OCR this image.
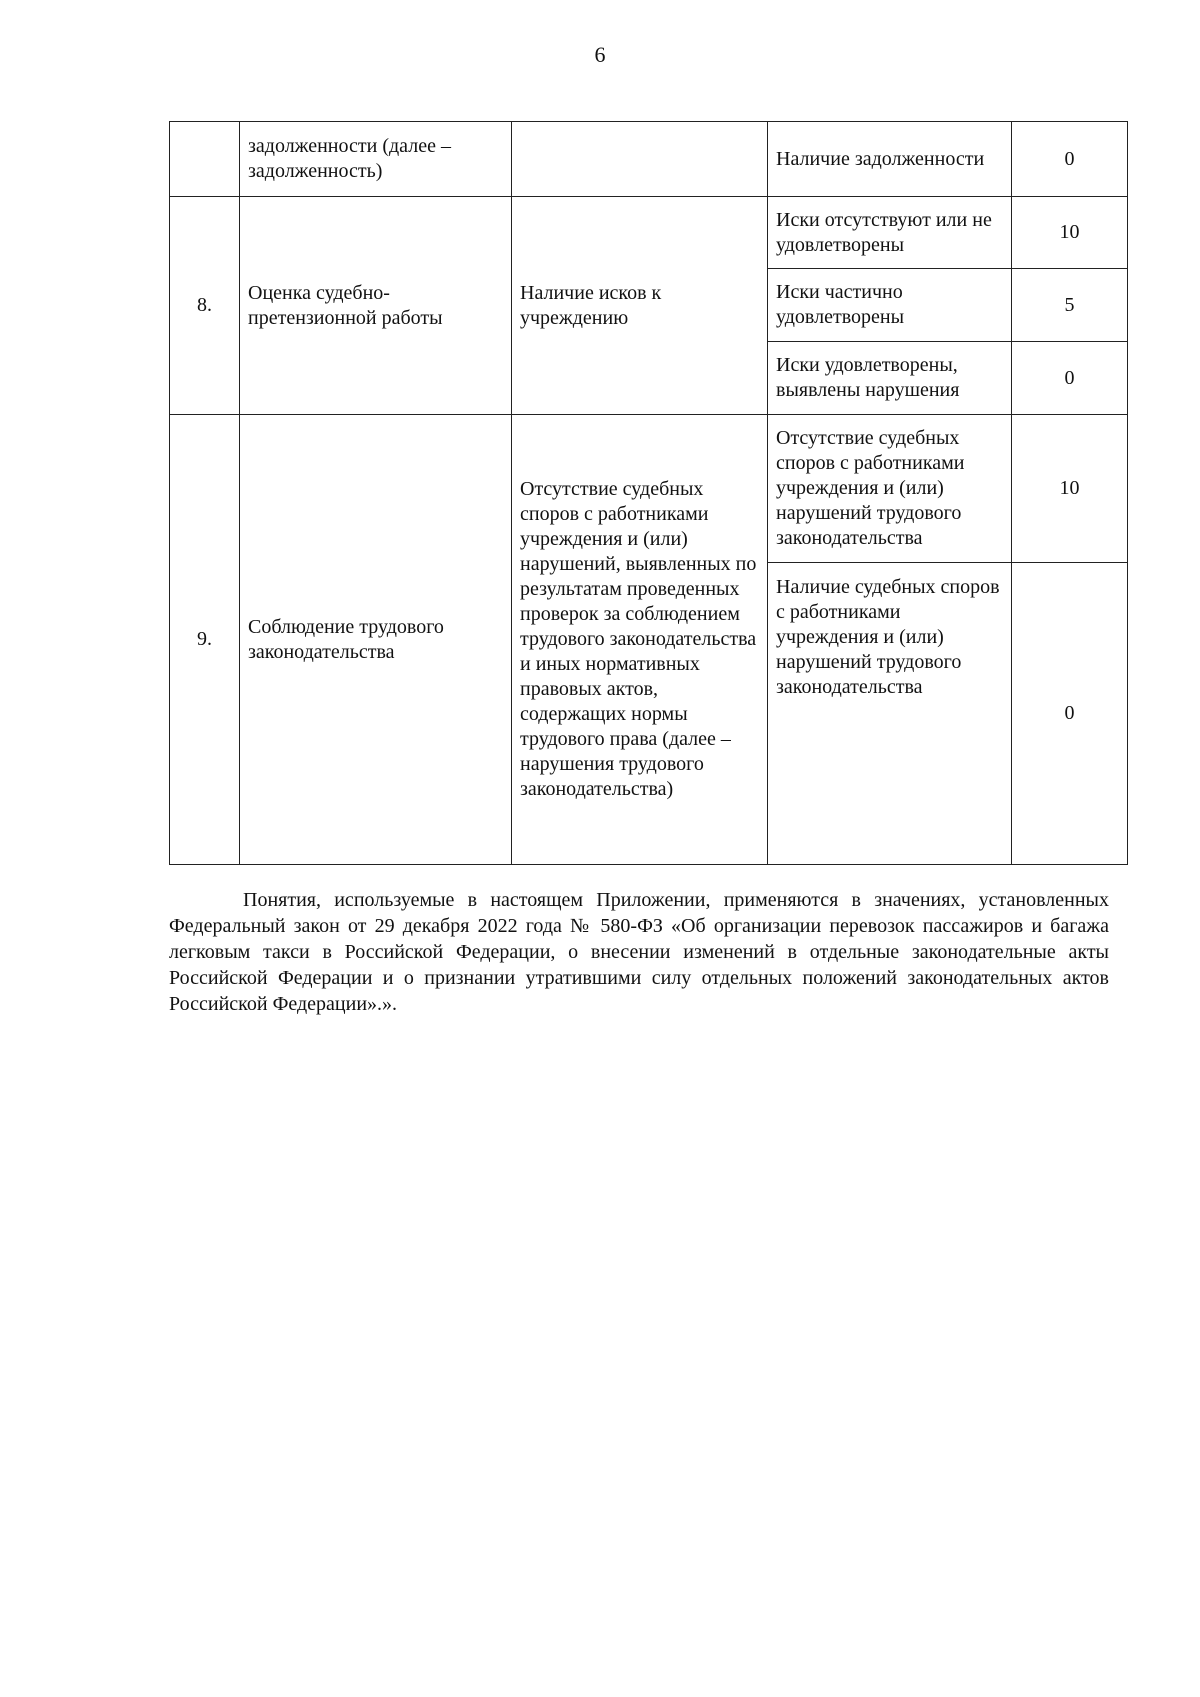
6
	задолженности (далее – задолженность)		Наличие задолженности	0
8.	Оценка судебно-претензионной работы	Наличие исков к учреждению	Иски отсутствуют или не удовлетворены	10
			Иски частично удовлетворены	5
			Иски удовлетворены, выявлены нарушения	0
9.	Соблюдение трудового законодательства	Отсутствие судебных споров с работниками учреждения и (или) нарушений, выявленных по результатам проведенных проверок за соблюдением трудового законодательства и иных нормативных правовых актов, содержащих нормы трудового права (далее – нарушения трудового законодательства)	Отсутствие судебных споров с работниками учреждения и (или) нарушений трудового законодательства	10
			Наличие судебных споров с работниками учреждения и (или) нарушений трудового законодательства	0

Понятия, используемые в настоящем Приложении, применяются в значениях, установленных Федеральный закон от 29 декабря 2022 года № 580-ФЗ «Об организации перевозок пассажиров и багажа легковым такси в Российской Федерации, о внесении изменений в отдельные законодательные акты Российской Федерации и о признании утратившими силу отдельных положений законодательных актов Российской Федерации».».
